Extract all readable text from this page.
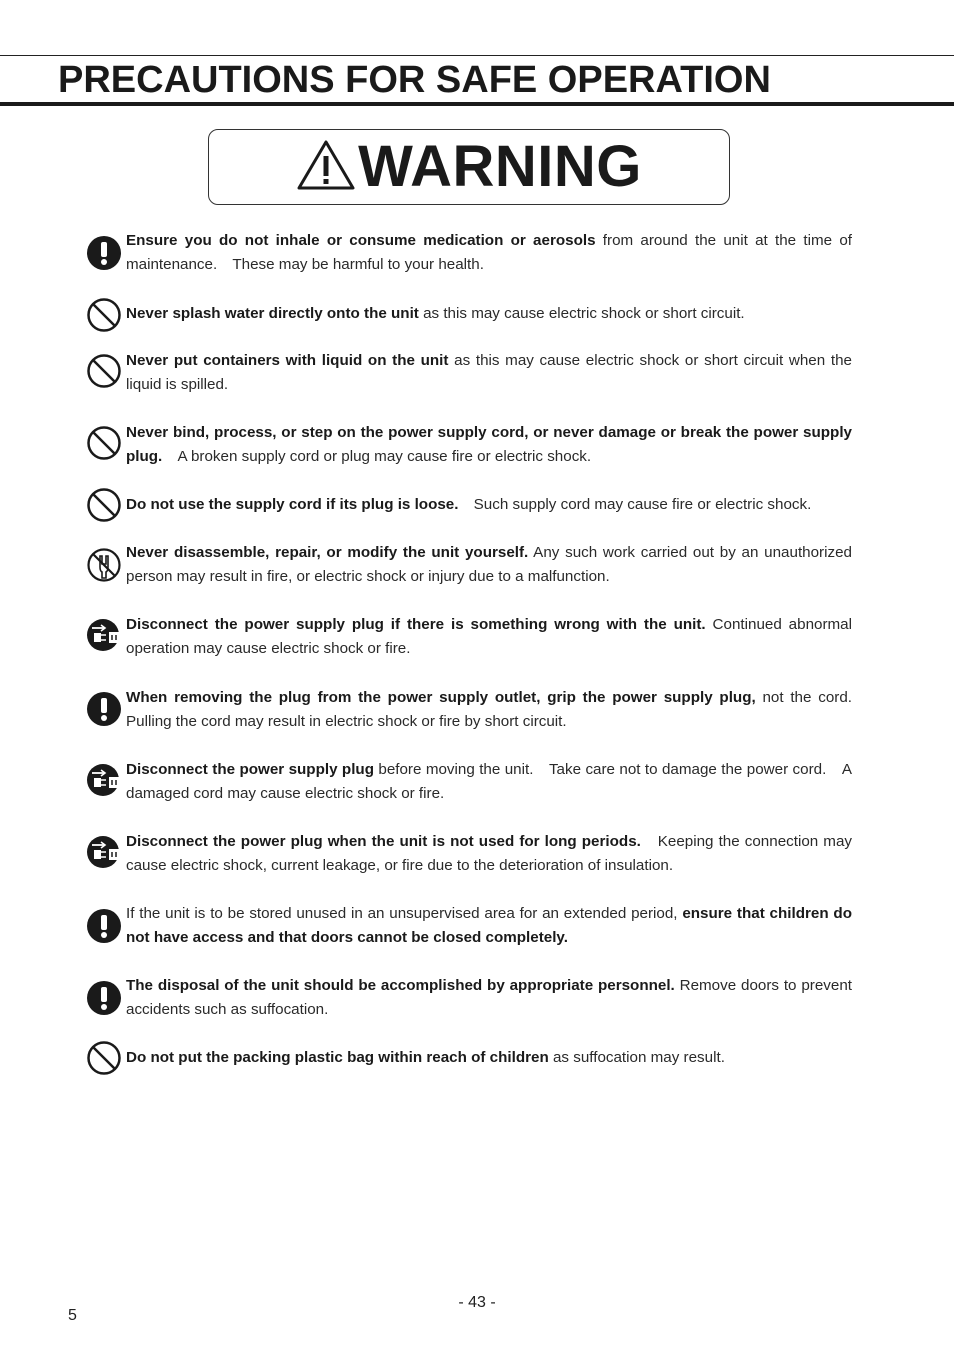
PRECAUTIONS FOR SAFE OPERATION
WARNING

Ensure you do not inhale or consume medication or aerosols from around the unit at the time of maintenance.　These may be harmful to your health.

Never splash water directly onto the unit as this may cause electric shock or short circuit.

Never put containers with liquid on the unit as this may cause electric shock or short circuit when the liquid is spilled.

Never bind, process, or step on the power supply cord, or never damage or break the power supply plug.　A broken supply cord or plug may cause fire or electric shock.

Do not use the supply cord if its plug is loose.　Such supply cord may cause fire or electric shock.

Never disassemble, repair, or modify the unit yourself. Any such work carried out by an unauthorized person may result in fire, or electric shock or injury due to a malfunction.

Disconnect the power supply plug if there is something wrong with the unit. Continued abnormal operation may cause electric shock or fire.

When removing the plug from the power supply outlet, grip the power supply plug, not the cord. Pulling the cord may result in electric shock or fire by short circuit.

Disconnect the power supply plug before moving the unit.　Take care not to damage the power cord.　A damaged cord may cause electric shock or fire.

Disconnect the power plug when the unit is not used for long periods.　Keeping the connection may cause electric shock, current leakage, or fire due to the deterioration of insulation.

If the unit is to be stored unused in an unsupervised area for an extended period, ensure that children do not have access and that doors cannot be closed completely.

The disposal of the unit should be accomplished by appropriate personnel. Remove doors to prevent accidents such as suffocation.

Do not put the packing plastic bag within reach of children as suffocation may result.

- 43 -
5
